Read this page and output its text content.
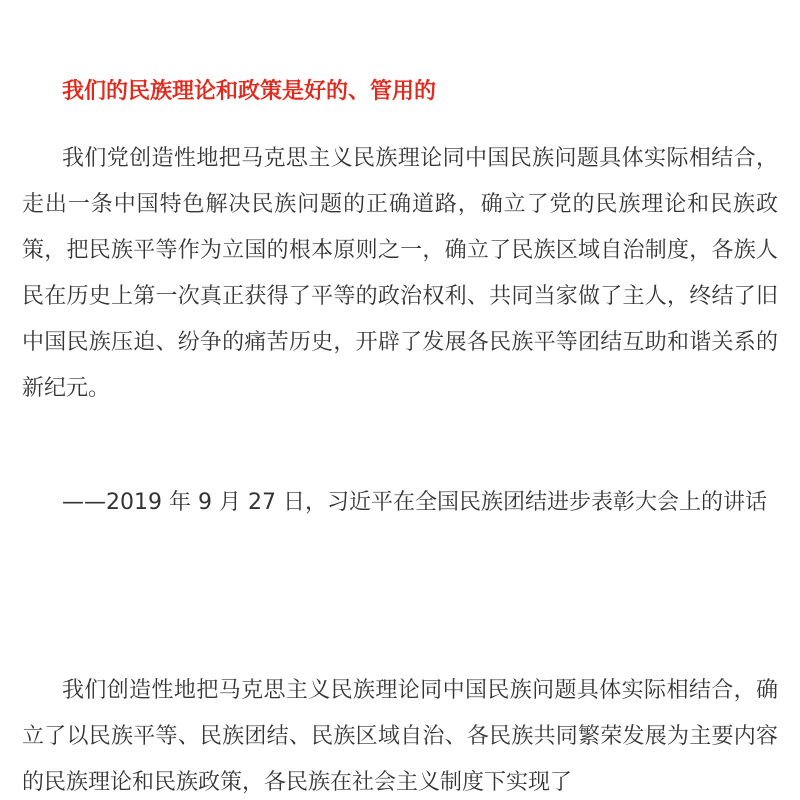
我们的民族理论和政策是好的、管用的

我们党创造性地把马克思主义民族理论同中国民族问题具体实际相结合，走出一条中国特色解决民族问题的正确道路，确立了党的民族理论和民族政策，把民族平等作为立国的根本原则之一，确立了民族区域自治制度，各族人民在历史上第一次真正获得了平等的政治权利、共同当家做了主人，终结了旧中国民族压迫、纷争的痛苦历史，开辟了发展各民族平等团结互助和谐关系的新纪元。

——2019 年 9 月 27 日，习近平在全国民族团结进步表彰大会上的讲话

我们创造性地把马克思主义民族理论同中国民族问题具体实际相结合，确立了以民族平等、民族团结、民族区域自治、各民族共同繁荣发展为主要内容的民族理论和民族政策，各民族在社会主义制度下实现了
